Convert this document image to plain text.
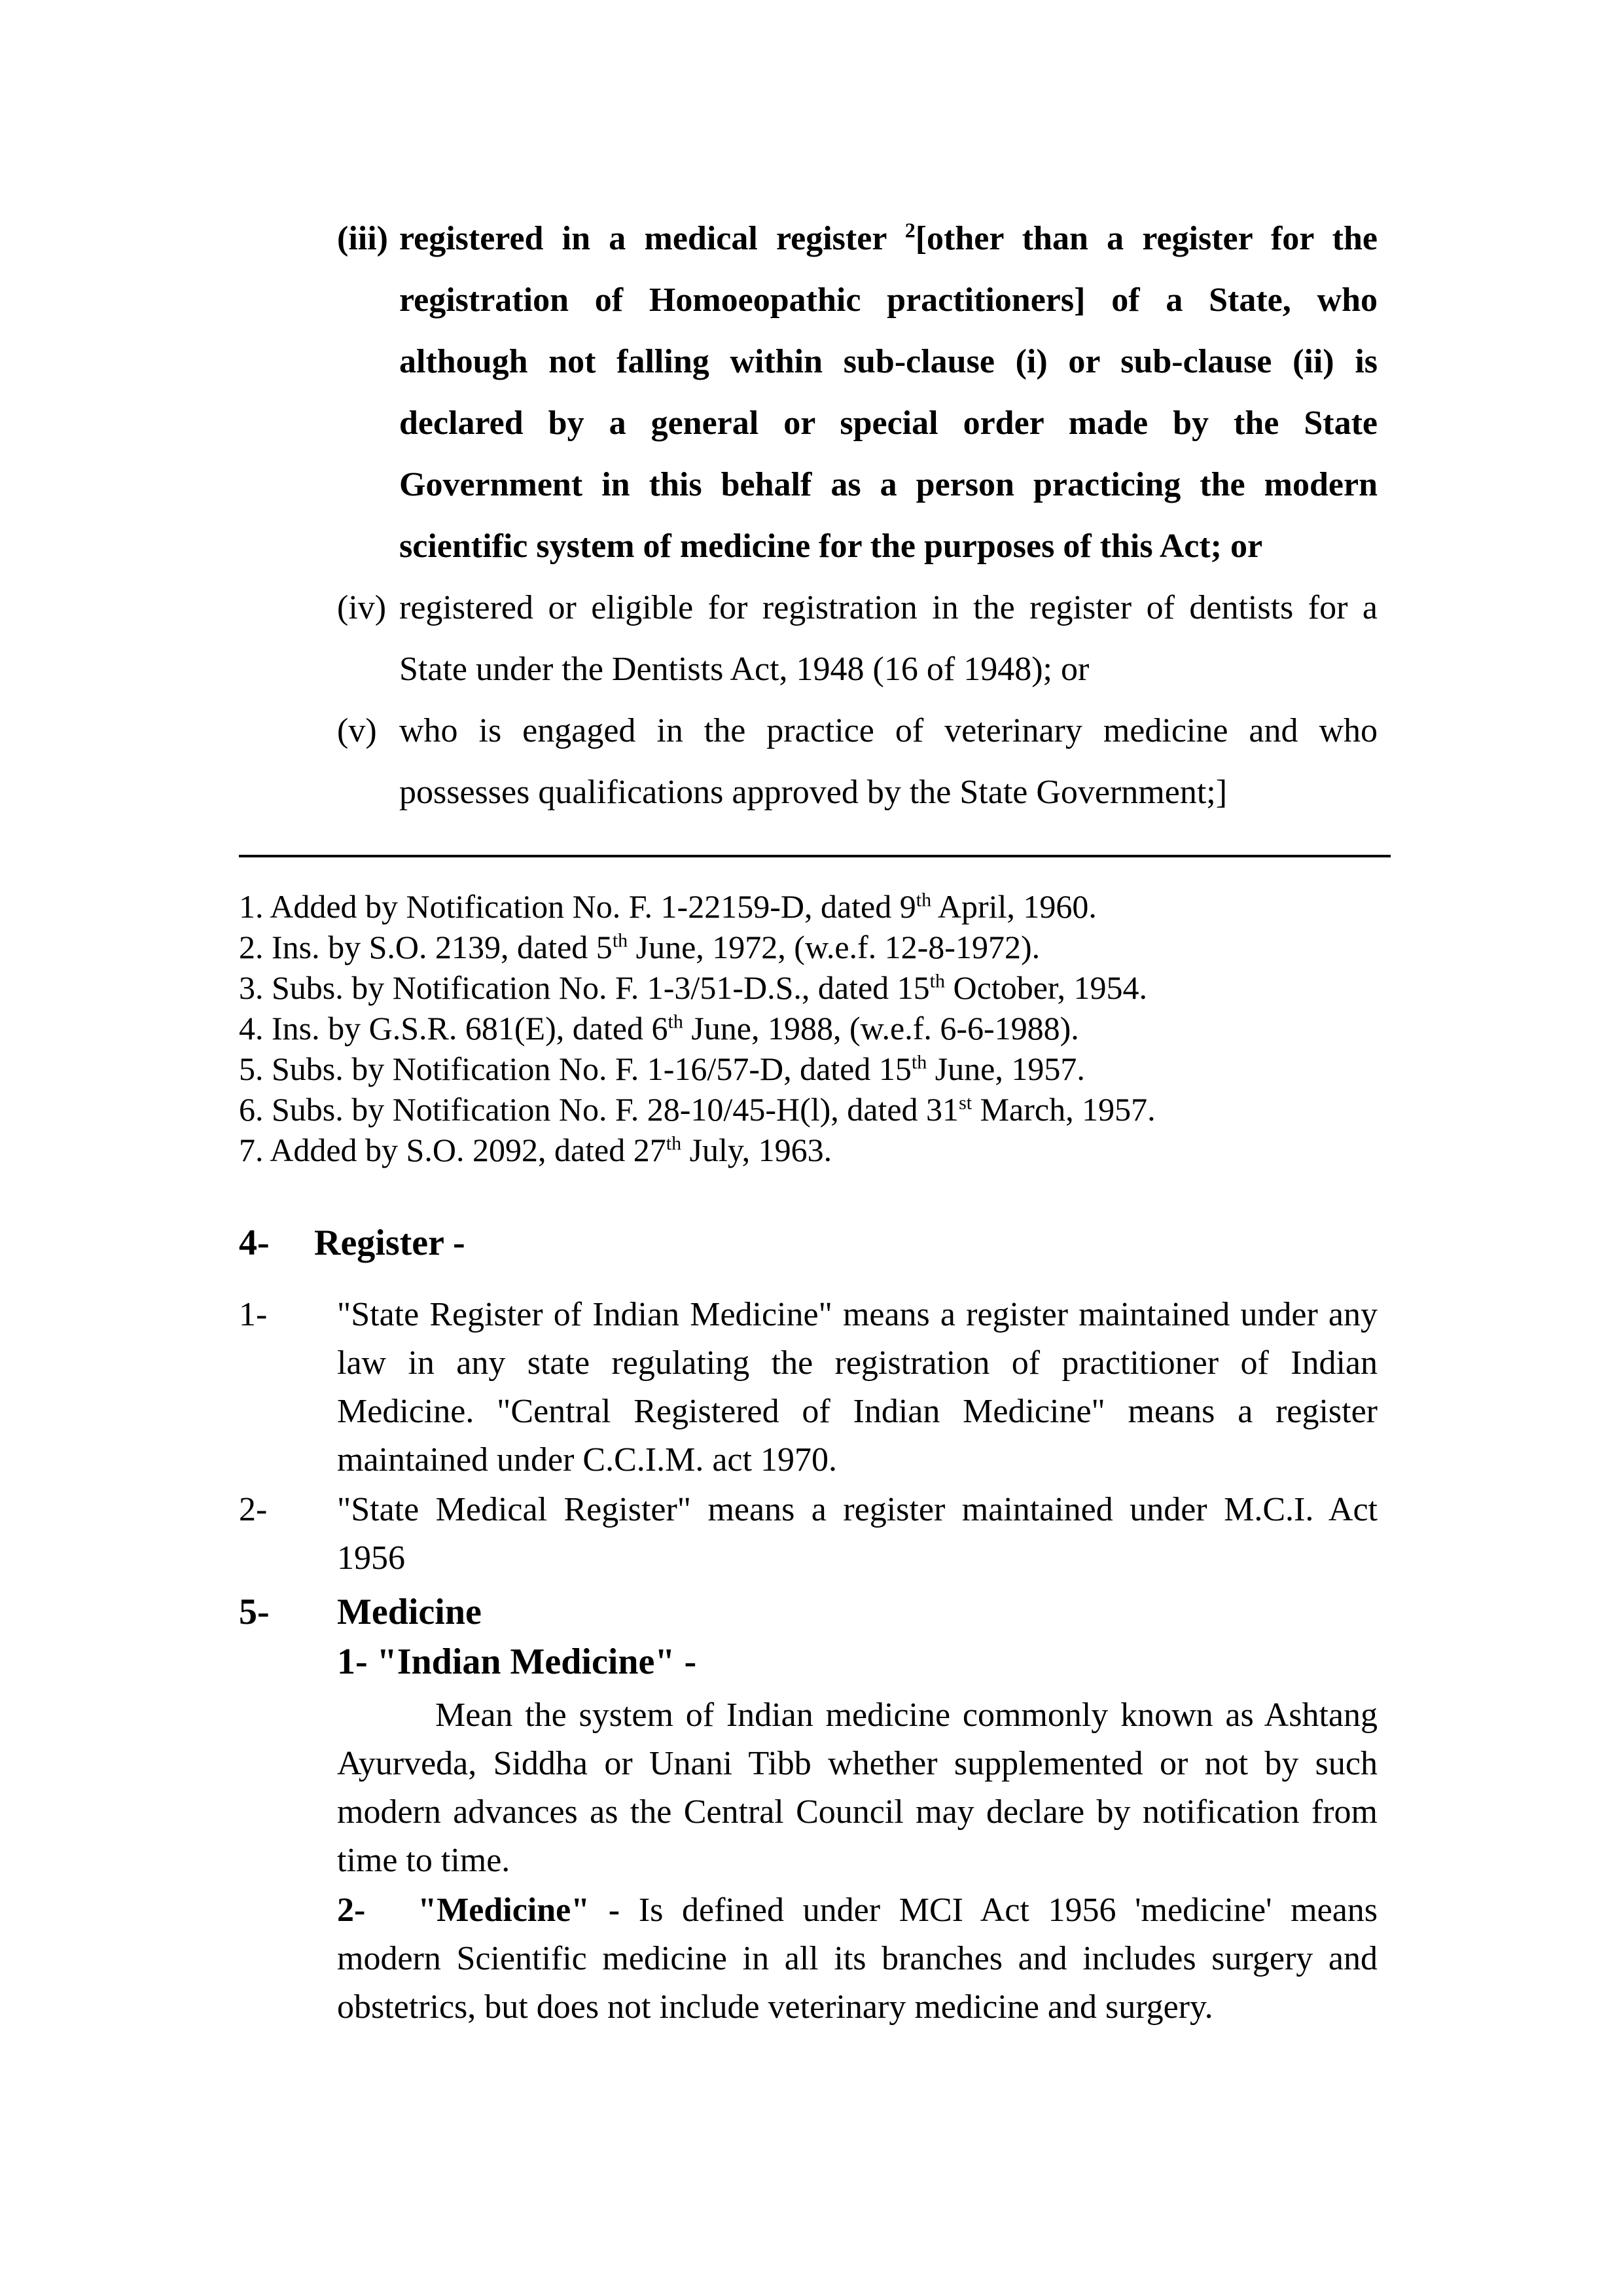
(iii) registered in a medical register $^2$[other than a register for the registration of Homoeopathic practitioners] of a State, who although not falling within sub-clause (i) or sub-clause (ii) is declared by a general or special order made by the State Government in this behalf as a person practicing the modern scientific system of medicine for the purposes of this Act; or
(iv) registered or eligible for registration in the register of dentists for a State under the Dentists Act, 1948 (16 of 1948); or
(v) who is engaged in the practice of veterinary medicine and who possesses qualifications approved by the State Government;]
1. Added by Notification No. F. 1-22159-D, dated 9th April, 1960.
2. Ins. by S.O. 2139, dated 5th June, 1972, (w.e.f. 12-8-1972).
3. Subs. by Notification No. F. 1-3/51-D.S., dated 15th October, 1954.
4. Ins. by G.S.R. 681(E), dated 6th June, 1988, (w.e.f. 6-6-1988).
5. Subs. by Notification No. F. 1-16/57-D, dated 15th June, 1957.
6. Subs. by Notification No. F. 28-10/45-H(l), dated 31st March, 1957.
7. Added by S.O. 2092, dated 27th July, 1963.
4- Register -
1- "State Register of Indian Medicine" means a register maintained under any law in any state regulating the registration of practitioner of Indian Medicine. "Central Registered of Indian Medicine" means a register maintained under C.C.I.M. act 1970.
2- "State Medical Register" means a register maintained under M.C.I. Act 1956
5- Medicine
1- "Indian Medicine" -
Mean the system of Indian medicine commonly known as Ashtang Ayurveda, Siddha or Unani Tibb whether supplemented or not by such modern advances as the Central Council may declare by notification from time to time.
2- "Medicine" - Is defined under MCI Act 1956 'medicine' means modern Scientific medicine in all its branches and includes surgery and obstetrics, but does not include veterinary medicine and surgery.
